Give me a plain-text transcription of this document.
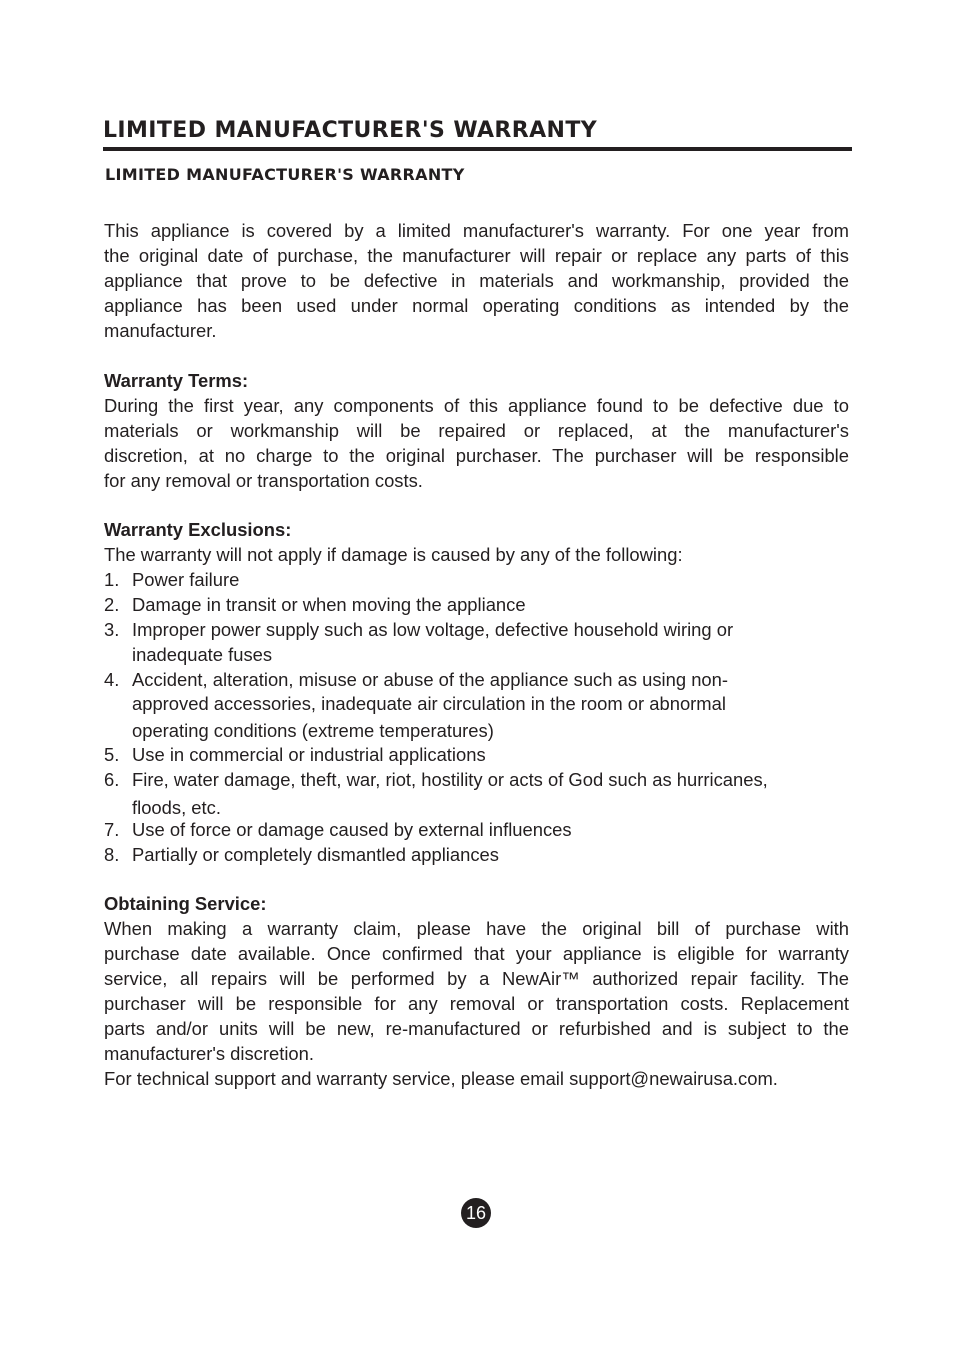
LIMITED MANUFACTURER'S WARRANTY
LIMITED MANUFACTURER'S WARRANTY
This appliance is covered by a limited manufacturer's warranty. For one year from
the original date of purchase, the manufacturer will repair or replace any parts of this
appliance that prove to be defective in materials and workmanship, provided the
appliance has been used under normal operating conditions as intended by the
manufacturer.
Warranty Terms:
During the first year, any components of this appliance found to be defective due to
materials or workmanship will be repaired or replaced, at the manufacturer's
discretion, at no charge to the original purchaser. The purchaser will be responsible
for any removal or transportation costs.
Warranty Exclusions:
The warranty will not apply if damage is caused by any of the following:
1. Power failure
2. Damage in transit or when moving the appliance
3. Improper power supply such as low voltage, defective household wiring or
inadequate fuses
4. Accident, alteration, misuse or abuse of the appliance such as using non-
approved accessories, inadequate air circulation in the room or abnormal
operating conditions (extreme temperatures)
5. Use in commercial or industrial applications
6. Fire, water damage, theft, war, riot, hostility or acts of God such as hurricanes,
floods, etc.
7. Use of force or damage caused by external influences
8. Partially or completely dismantled appliances
Obtaining Service:
When making a warranty claim, please have the original bill of purchase with
purchase date available. Once confirmed that your appliance is eligible for warranty
service, all repairs will be performed by a NewAir™ authorized repair facility. The
purchaser will be responsible for any removal or transportation costs. Replacement
parts and/or units will be new, re-manufactured or refurbished and is subject to the
manufacturer's discretion.
For technical support and warranty service, please email support@newairusa.com.
16
